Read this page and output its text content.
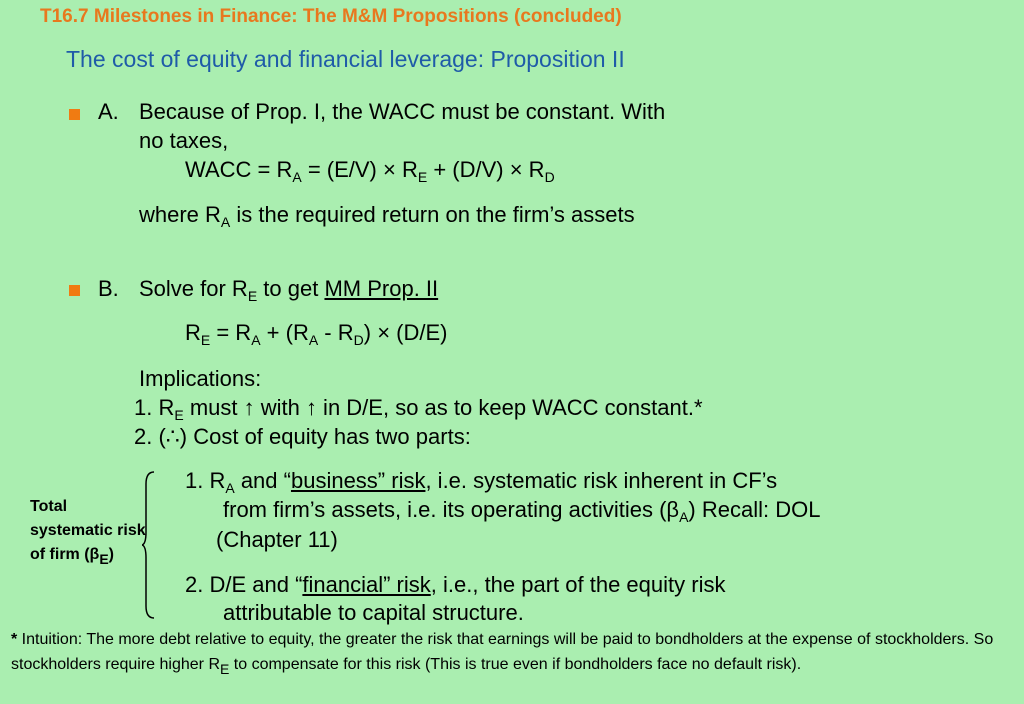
T16.7 Milestones in Finance: The M&M Propositions (concluded)
The cost of equity and financial leverage: Proposition II
A. Because of Prop. I, the WACC must be constant. With
no taxes,
WACC = $R_A = (E/V) \times R_E + (D/V) \times R_D$
where $R_A$ is the required return on the firm’s assets
B. Solve for $R_E$ to get MM Prop. II
$R_E = R_A + (R_A - R_D) \times (D/E)$
Implications:
1. $R_E$ must ↑ with ↑ in D/E, so as to keep WACC constant.*
2. (∴) Cost of equity has two parts:
1. $R_A$ and “business” risk, i.e. systematic risk inherent in CF’s
from firm’s assets, i.e. its operating activities $(\beta_A)$ Recall: DOL
(Chapter 11)
2. D/E and “financial” risk, i.e., the part of the equity risk
attributable to capital structure.
Total systematic risk of firm $(\beta_E)$
* Intuition: The more debt relative to equity, the greater the risk that earnings will be paid to bondholders at the expense of stockholders. So stockholders require higher $R_E$ to compensate for this risk (This is true even if bondholders face no default risk).
